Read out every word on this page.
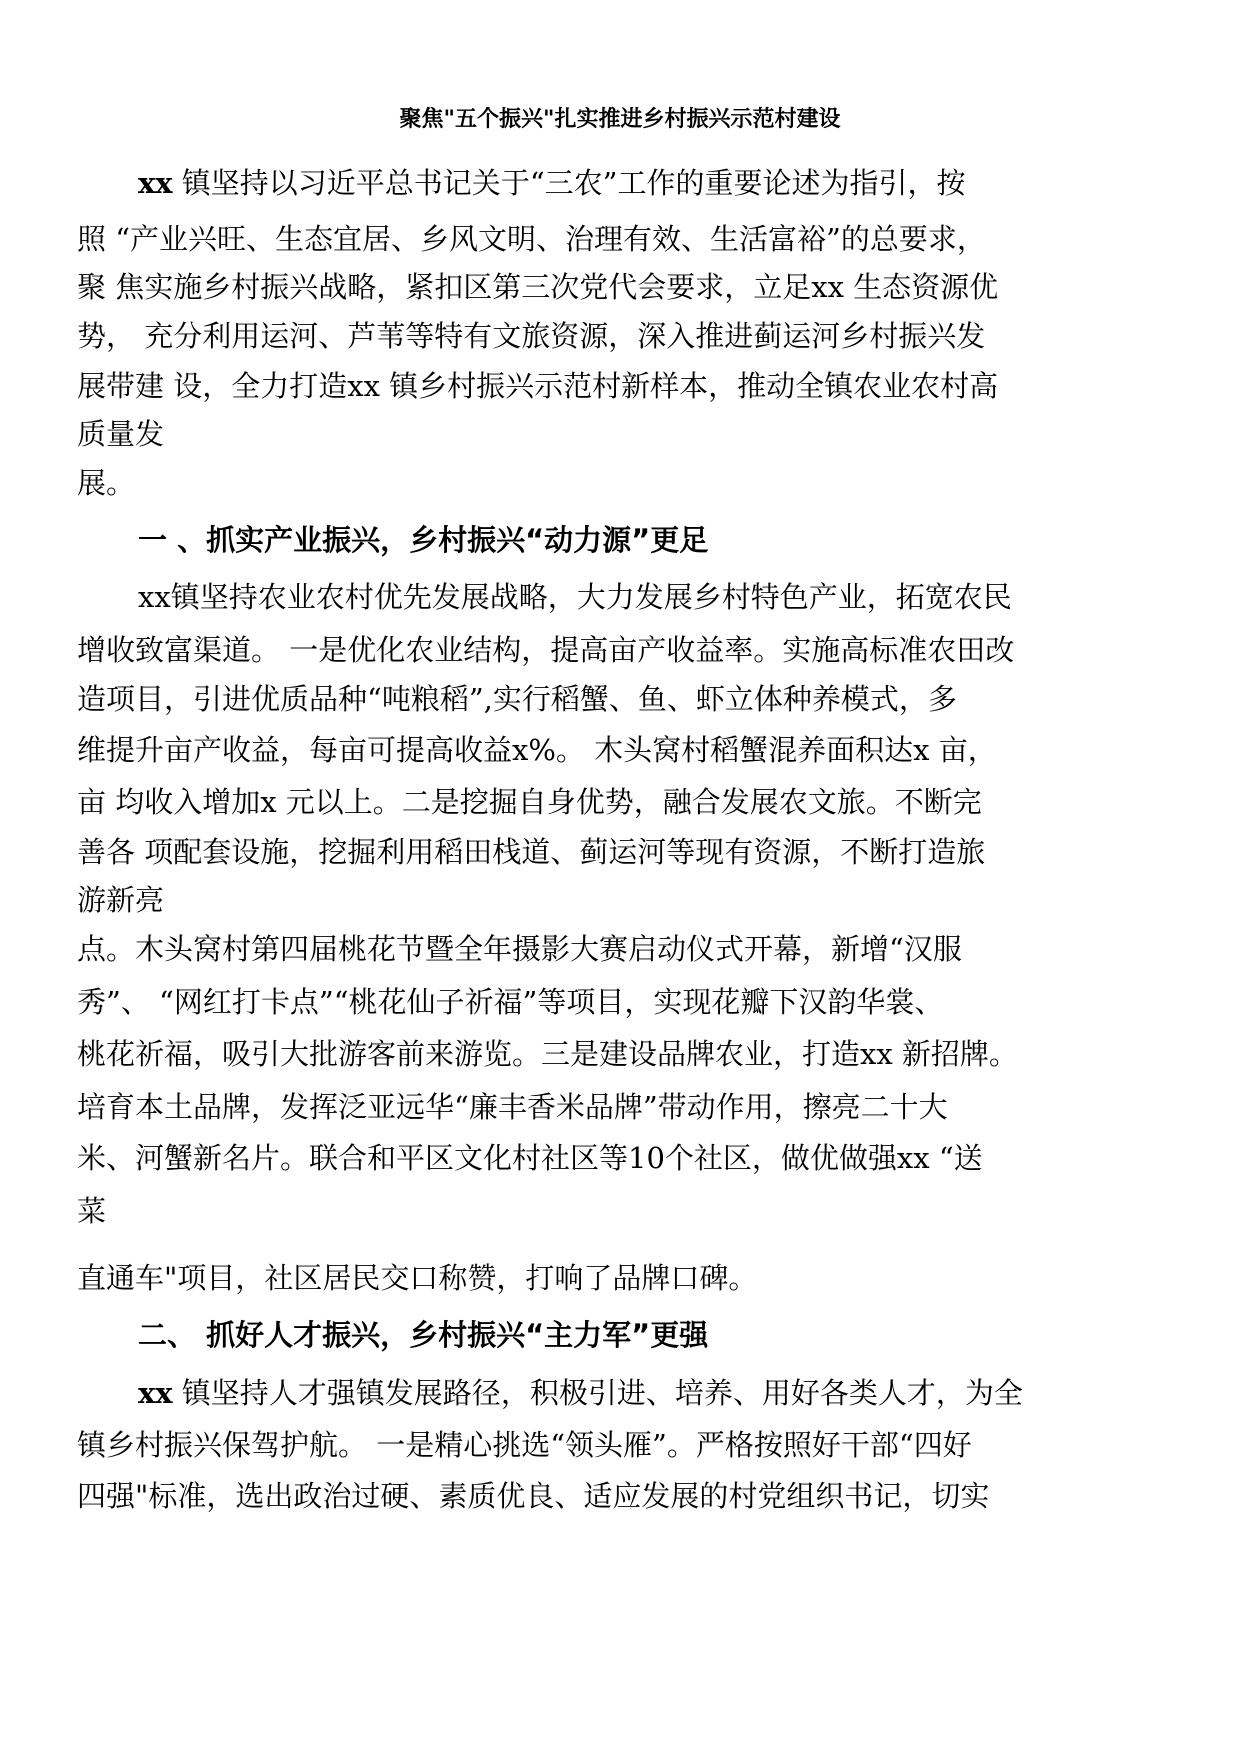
聚焦"五个振兴"扎实推进乡村振兴示范村建设
xx 镇坚持以习近平总书记关于“三农”工作的重要论述为指引，按
照 “产业兴旺、生态宜居、乡风文明、治理有效、生活富裕”的总要求，
聚 焦实施乡村振兴战略，紧扣区第三次党代会要求，立足xx 生态资源优
势， 充分利用运河、芦苇等特有文旅资源，深入推进蓟运河乡村振兴发
展带建 设，全力打造xx 镇乡村振兴示范村新样本，推动全镇农业农村高
质量发
展。
一 、抓实产业振兴，乡村振兴“动力源”更足
xx镇坚持农业农村优先发展战略，大力发展乡村特色产业，拓宽农民
增收致富渠道。 一是优化农业结构，提高亩产收益率。实施高标准农田改
造项目，引进优质品种“吨粮稻”,实行稻蟹、鱼、虾立体种养模式，多
维提升亩产收益，每亩可提高收益x%。 木头窝村稻蟹混养面积达x 亩，
亩 均收入增加x 元以上。二是挖掘自身优势，融合发展农文旅。不断完
善各 项配套设施，挖掘利用稻田栈道、蓟运河等现有资源，不断打造旅
游新亮
点。木头窝村第四届桃花节暨全年摄影大赛启动仪式开幕，新增“汉服
秀”、 “网红打卡点”“桃花仙子祈福”等项目，实现花瓣下汉韵华裳、
桃花祈福，吸引大批游客前来游览。三是建设品牌农业，打造xx 新招牌。
培育本土品牌，发挥泛亚远华“廉丰香米品牌”带动作用，擦亮二十大
米、河蟹新名片。联合和平区文化村社区等10个社区，做优做强xx “送
菜
直通车"项目，社区居民交口称赞，打响了品牌口碑。
二、 抓好人才振兴，乡村振兴“主力军”更强
xx 镇坚持人才强镇发展路径，积极引进、培养、用好各类人才，为全
镇乡村振兴保驾护航。 一是精心挑选“领头雁”。严格按照好干部“四好
四强"标准，选出政治过硬、素质优良、适应发展的村党组织书记，切实
